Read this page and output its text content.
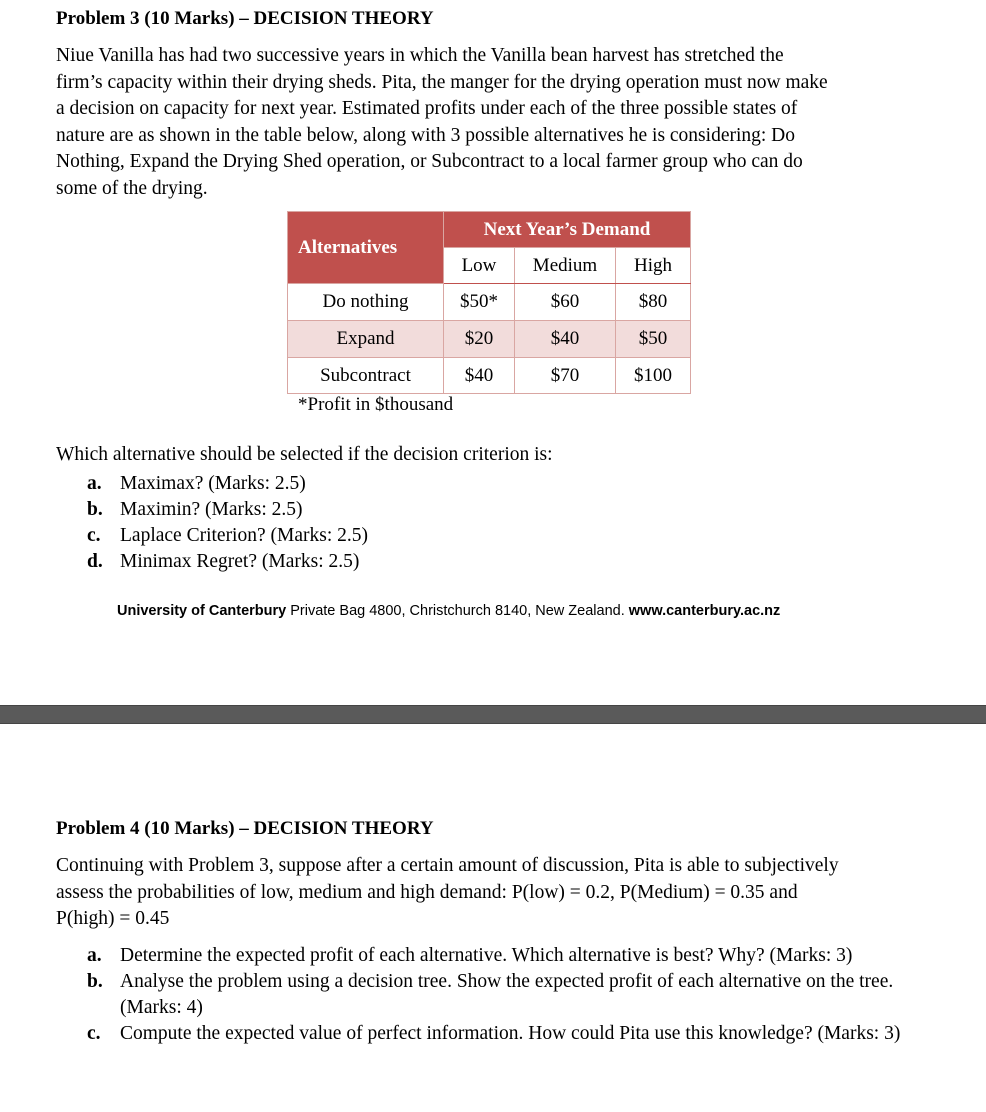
Problem 3 (10 Marks) – DECISION THEORY
Niue Vanilla has had two successive years in which the Vanilla bean harvest has stretched the
firm’s capacity within their drying sheds. Pita, the manger for the drying operation must now make
a decision on capacity for next year. Estimated profits under each of the three possible states of
nature are as shown in the table below, along with 3 possible alternatives he is considering: Do
Nothing, Expand the Drying Shed operation, or Subcontract to a local farmer group who can do
some of the drying.
Alternatives	Next Year’s Demand		
	Low	Medium	High
Do nothing	$50*	$60	$80
Expand	$20	$40	$50
Subcontract	$40	$70	$100
*Profit in $thousand
Which alternative should be selected if the decision criterion is:
a. Maximax? (Marks: 2.5)
b. Maximin? (Marks: 2.5)
c. Laplace Criterion? (Marks: 2.5)
d. Minimax Regret? (Marks: 2.5)
University of Canterbury Private Bag 4800, Christchurch 8140, New Zealand. www.canterbury.ac.nz
Problem 4 (10 Marks) – DECISION THEORY
Continuing with Problem 3, suppose after a certain amount of discussion, Pita is able to subjectively
assess the probabilities of low, medium and high demand: P(low) = 0.2, P(Medium) = 0.35 and
P(high) = 0.45
a. Determine the expected profit of each alternative. Which alternative is best? Why? (Marks: 3)
b. Analyse the problem using a decision tree. Show the expected profit of each alternative on the tree. (Marks: 4)
c. Compute the expected value of perfect information. How could Pita use this knowledge? (Marks: 3)
